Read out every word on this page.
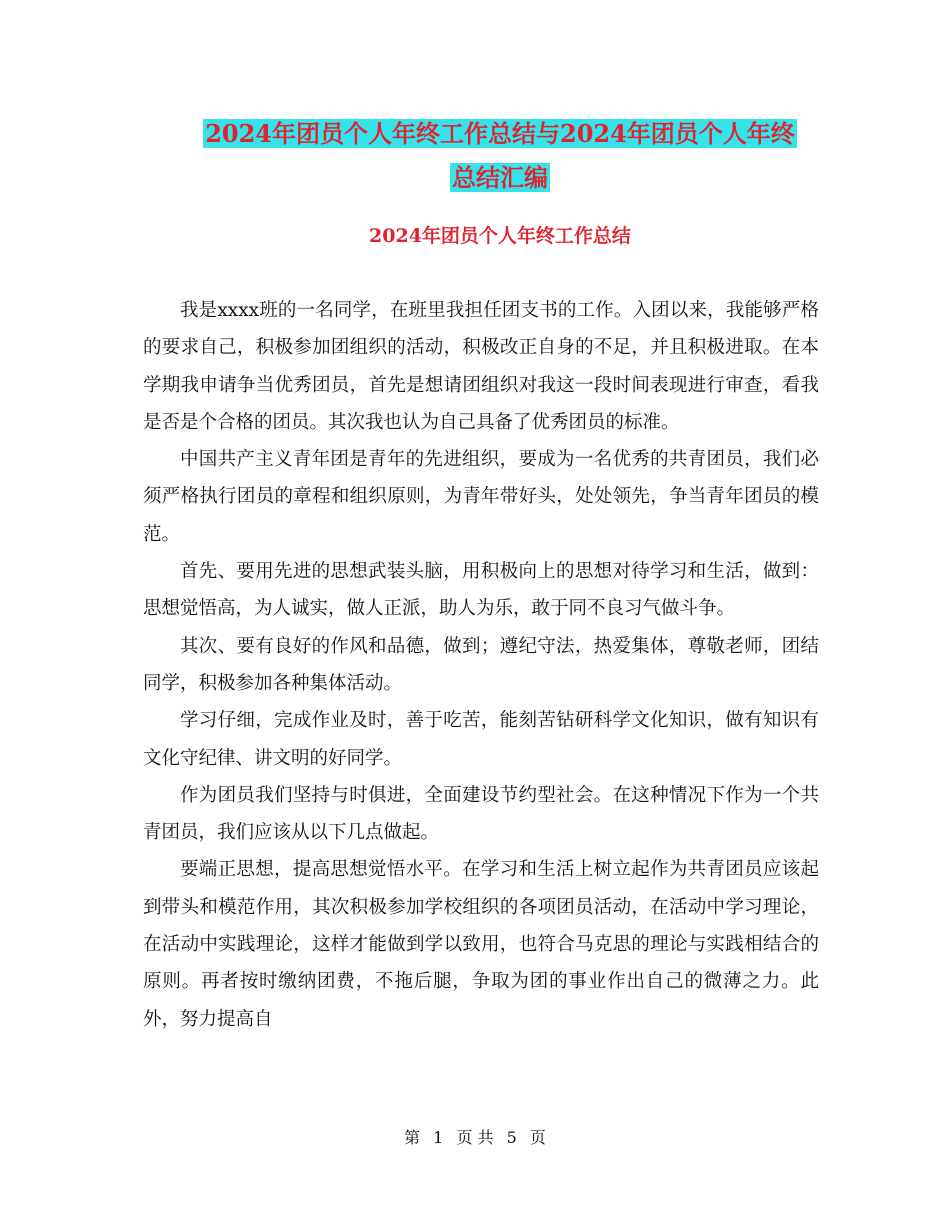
2024年团员个人年终工作总结与2024年团员个人年终
总结汇编
2024年团员个人年终工作总结

我是xxxx班的一名同学，在班里我担任团支书的工作。入团以来，我能够严格的要求自己，积极参加团组织的活动，积极改正自身的不足，并且积极进取。在本学期我申请争当优秀团员，首先是想请团组织对我这一段时间表现进行审查，看我是否是个合格的团员。其次我也认为自己具备了优秀团员的标准。

中国共产主义青年团是青年的先进组织，要成为一名优秀的共青团员，我们必须严格执行团员的章程和组织原则，为青年带好头，处处领先，争当青年团员的模范。

首先、要用先进的思想武装头脑，用积极向上的思想对待学习和生活，做到：思想觉悟高，为人诚实，做人正派，助人为乐，敢于同不良习气做斗争。

其次、要有良好的作风和品德，做到；遵纪守法，热爱集体，尊敬老师，团结同学，积极参加各种集体活动。

学习仔细，完成作业及时，善于吃苦，能刻苦钻研科学文化知识，做有知识有文化守纪律、讲文明的好同学。

作为团员我们坚持与时俱进，全面建设节约型社会。在这种情况下作为一个共青团员，我们应该从以下几点做起。

要端正思想，提高思想觉悟水平。在学习和生活上树立起作为共青团员应该起到带头和模范作用，其次积极参加学校组织的各项团员活动，在活动中学习理论，在活动中实践理论，这样才能做到学以致用，也符合马克思的理论与实践相结合的原则。再者按时缴纳团费，不拖后腿，争取为团的事业作出自己的微薄之力。此外，努力提高自

第 1 页 共 5 页
